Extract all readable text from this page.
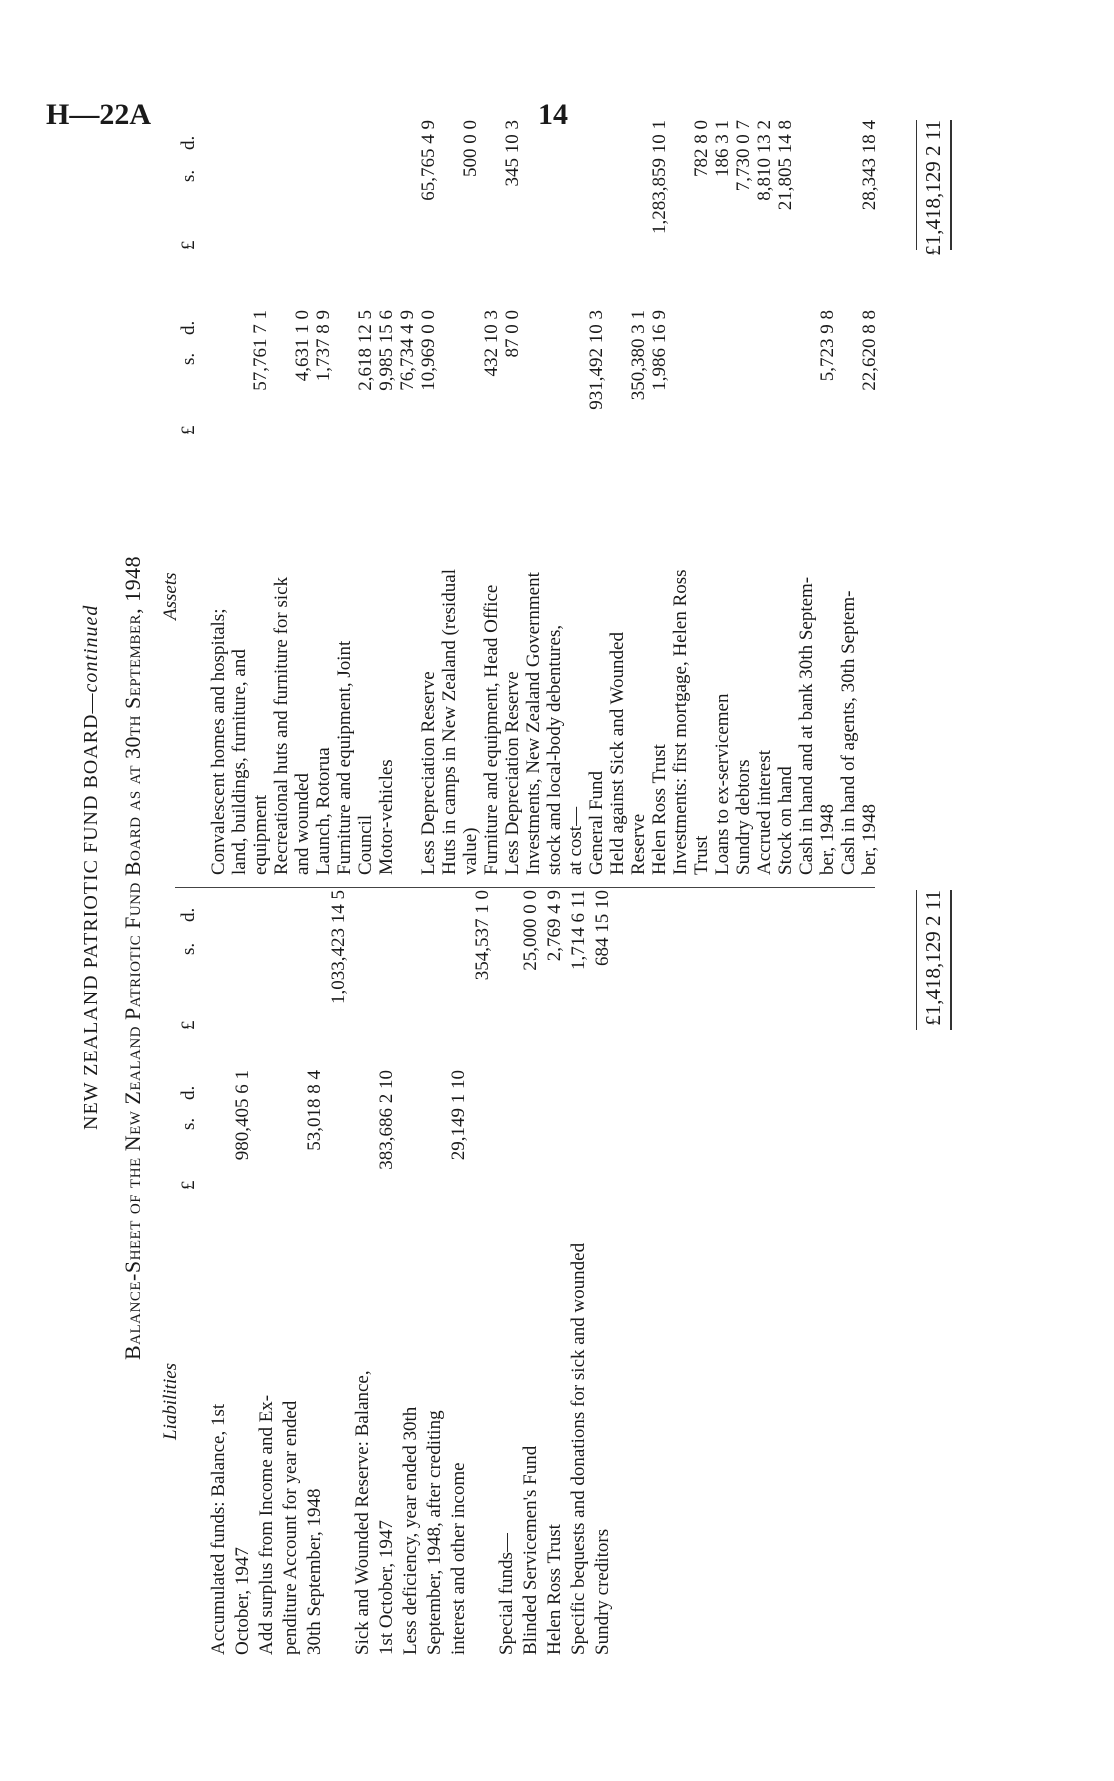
H—22A	14
NEW ZEALAND PATRIOTIC FUND BOARD—continued Balance-Sheet of the New Zealand Patriotic Fund Board as at 30th September, 1948
Liabilities
Assets
£
s.
d.
£
s.
d.
£
s.
d.
£
s.
d.
Accumulated funds: Balance, 1st October, 1947
980,405 6 1
Add surplus from Income and Ex- penditure Account for year ended 30th September, 1948
53,018 8 4
1,033,423 14 5
Sick and Wounded Reserve: Balance, 1st October, 1947
383,686 2 10
Less deficiency, year ended 30th September, 1948, after crediting interest and other income
29,149 1 10
354,537 1 0
Special funds— Blinded Servicemen's Fund
25,000 0 0
Helen Ross Trust
2,769 4 9
Specific bequests and donations for sick and wounded
1,714 6 11
Sundry creditors
684 15 10
Convalescent homes and hospitals; land, buildings, furniture, and equipment
57,761 7 1
Recreational huts and furniture for sick and wounded
4,631 1 0
Launch, Rotorua
1,737 8 9
Furniture and equipment, Joint Council
2,618 12 5
Motor-vehicles
9,985 15 6 76,734 4 9
Less Depreciation Reserve
10,969 0 0
65,765 4 9
Huts in camps in New Zealand (residual value)
500 0 0
Furniture and equipment, Head Office
432 10 3
Less Depreciation Reserve
87 0 0
345 10 3
Investments, New Zealand Government stock and local-body debentures, at cost— General Fund
931,492 10 3
Held against Sick and Wounded Reserve
350,380 3 1
Helen Ross Trust
1,986 16 9
1,283,859 10 1
Investments: first mortgage, Helen Ross Trust
782 8 0
Loans to ex-servicemen
186 3 1
Sundry debtors
7,730 0 7
Accrued interest
8,810 13 2
Stock on hand
21,805 14 8
Cash in hand and at bank 30th Septem- ber, 1948
5,723 9 8
Cash in hand of agents, 30th Septem- ber, 1948
22,620 8 8
28,343 18 4
£1,418,129 2 11
£1,418,129 2 11
